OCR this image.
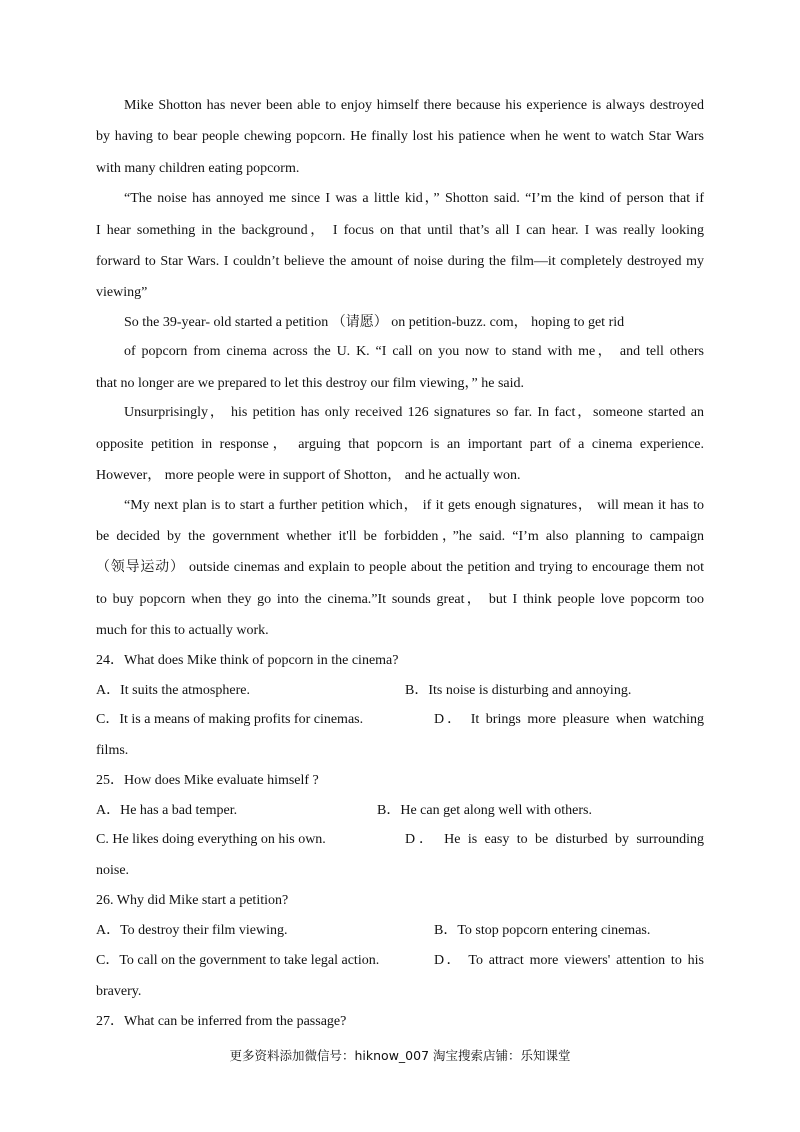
Mike Shotton has never been able to enjoy himself there because his experience is always destroyed
by having to bear people chewing popcorn. He finally lost his patience when he went to watch Star Wars
with many children eating popcorm.
“The noise has annoyed me since I was a little kid，” Shotton said. “I’m the kind of person that if
I hear something in the background， I focus on that until that’s all I can hear. I was really looking
forward to Star Wars. I couldn’t believe the amount of noise during the film—it completely destroyed my
viewing”
So the 39-year- old started a petition （请愿） on petition-buzz. com， hoping to get rid
of popcorn from cinema across the U. K. “I call on you now to stand with me， and tell others
that no longer are we prepared to let this destroy our film viewing，” he said.
Unsurprisingly， his petition has only received 126 signatures so far. In fact，someone started an
opposite petition in response， arguing that popcorn is an important part of a cinema experience.
However， more people were in support of Shotton， and he actually won.
“My next plan is to start a further petition which， if it gets enough signatures， will mean it has to
be decided by the government whether it'll be forbidden，”he said. “I’m also planning to campaign
（领导运动） outside cinemas and explain to people about the petition and trying to encourage them not
to buy popcorn when they go into the cinema.”It sounds great， but I think people love popcorm too
much for this to actually work.
24．What does Mike think of popcorn in the cinema?
A．It suits the atmosphere.	B．Its noise is disturbing and annoying.
C．It is a means of making profits for cinemas.	D． It brings more pleasure when watching
films.
25．How does Mike evaluate himself ?
A．He has a bad temper.	B．He can get along well with others.
C. He likes doing everything on his own.	D． He is easy to be disturbed by surrounding
noise.
26. Why did Mike start a petition?
A．To destroy their film viewing.	B．To stop popcorn entering cinemas.
C．To call on the government to take legal action.	D． To attract more viewers' attention to his
bravery.
27．What can be inferred from the passage?
更多资料添加微信号：hiknow_007 淘宝搜索店铺：乐知课堂
